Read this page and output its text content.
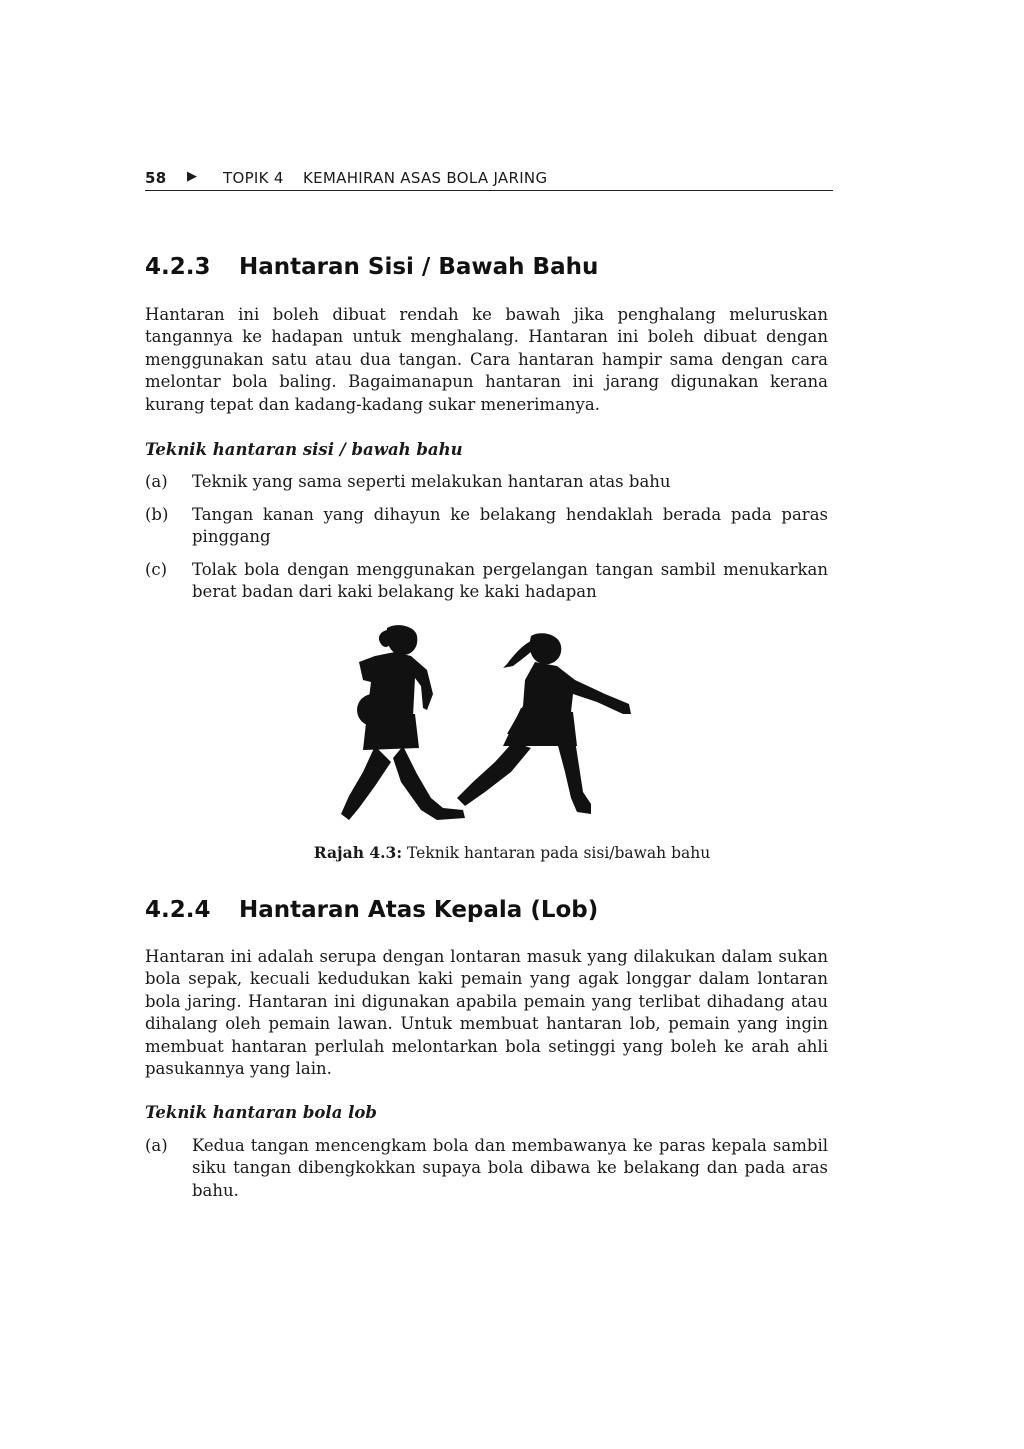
58 ▶ TOPIK 4 KEMAHIRAN ASAS BOLA JARING
4.2.3 Hantaran Sisi / Bawah Bahu

Hantaran ini boleh dibuat rendah ke bawah jika penghalang meluruskan tangannya ke hadapan untuk menghalang. Hantaran ini boleh dibuat dengan menggunakan satu atau dua tangan. Cara hantaran hampir sama dengan cara melontar bola baling. Bagaimanapun hantaran ini jarang digunakan kerana kurang tepat dan kadang-kadang sukar menerimanya.

Teknik hantaran sisi / bawah bahu

(a) Teknik yang sama seperti melakukan hantaran atas bahu
(b) Tangan kanan yang dihayun ke belakang hendaklah berada pada paras pinggang
(c) Tolak bola dengan menggunakan pergelangan tangan sambil menukarkan berat badan dari kaki belakang ke kaki hadapan
Rajah 4.3: Teknik hantaran pada sisi/bawah bahu
4.2.4 Hantaran Atas Kepala (Lob)

Hantaran ini adalah serupa dengan lontaran masuk yang dilakukan dalam sukan bola sepak, kecuali kedudukan kaki pemain yang agak longgar dalam lontaran bola jaring. Hantaran ini digunakan apabila pemain yang terlibat dihadang atau dihalang oleh pemain lawan. Untuk membuat hantaran lob, pemain yang ingin membuat hantaran perlulah melontarkan bola setinggi yang boleh ke arah ahli pasukannya yang lain.

Teknik hantaran bola lob

(a) Kedua tangan mencengkam bola dan membawanya ke paras kepala sambil siku tangan dibengkokkan supaya bola dibawa ke belakang dan pada aras bahu.
